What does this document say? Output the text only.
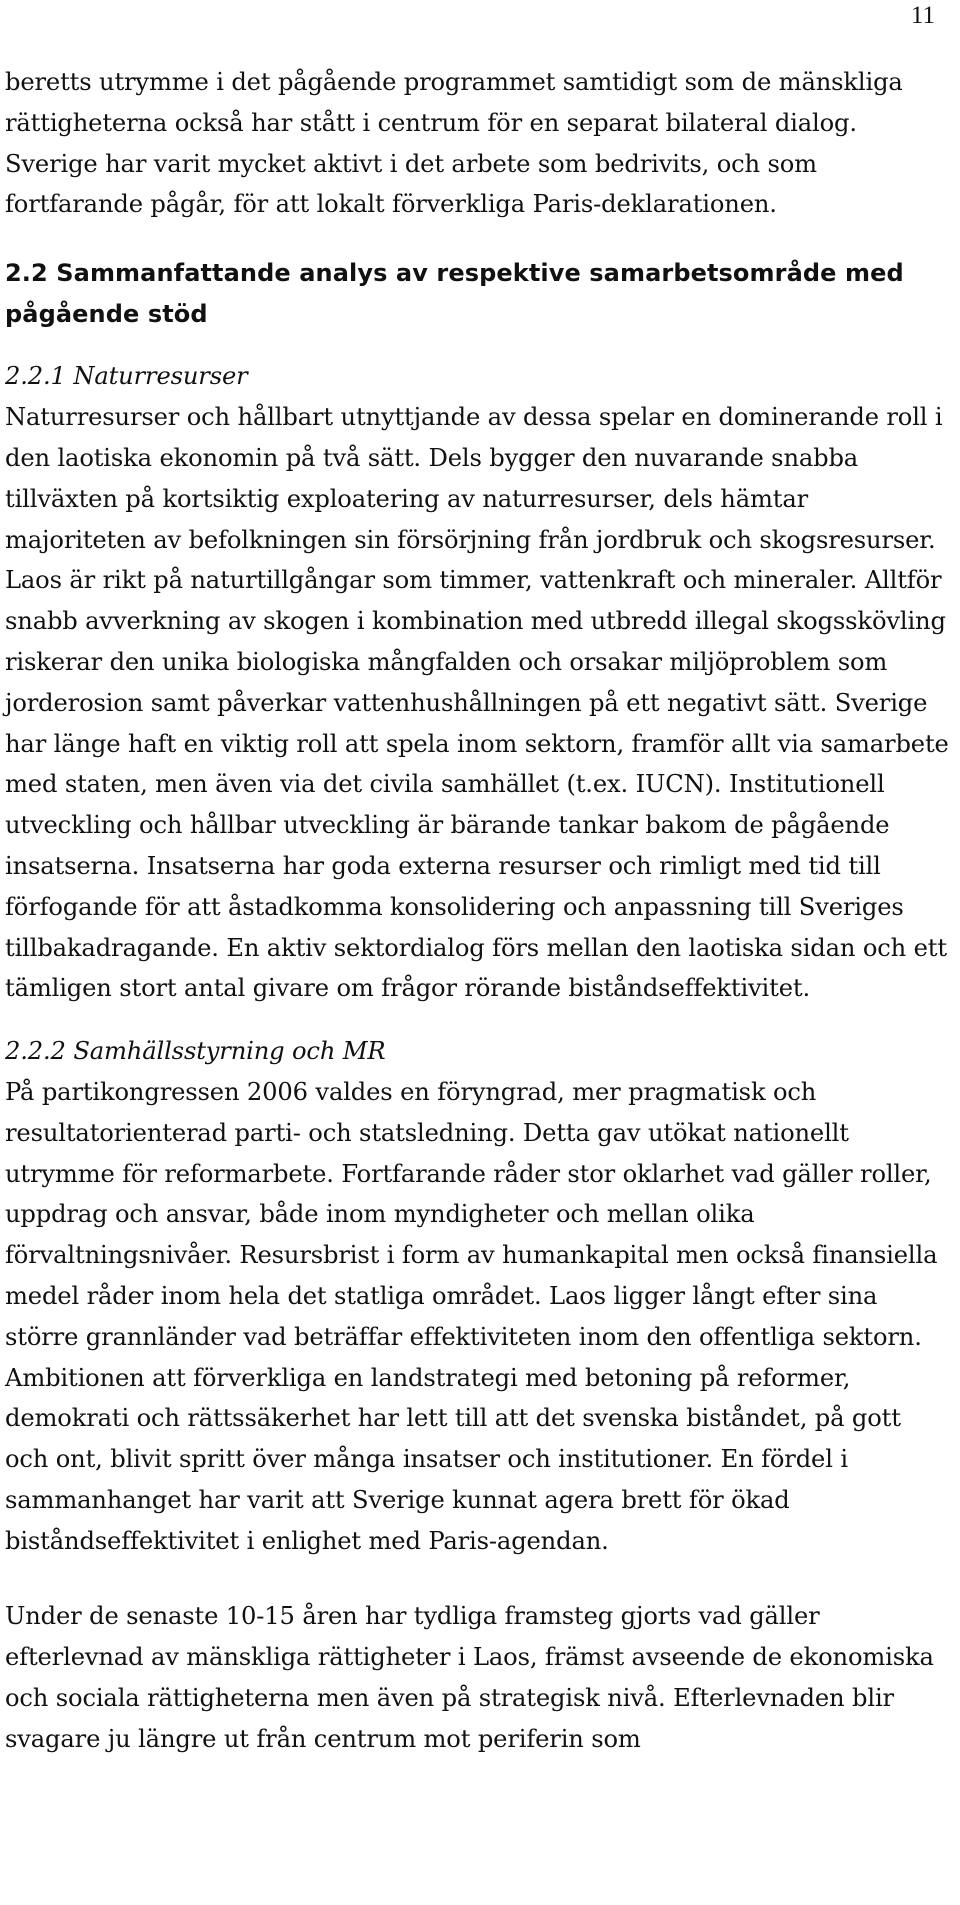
11

beretts utrymme i det pågående programmet samtidigt som de mänskliga rättigheterna också har stått i centrum för en separat bilateral dialog. Sverige har varit mycket aktivt i det arbete som bedrivits, och som fortfarande pågår, för att lokalt förverkliga Paris-deklarationen.

2.2 Sammanfattande analys av respektive samarbetsområde med pågående stöd
2.2.1 Naturresurser

Naturresurser och hållbart utnyttjande av dessa spelar en dominerande roll i den laotiska ekonomin på två sätt. Dels bygger den nuvarande snabba tillväxten på kortsiktig exploatering av naturresurser, dels hämtar majoriteten av befolkningen sin försörjning från jordbruk och skogsresurser. Laos är rikt på naturtillgångar som timmer, vattenkraft och mineraler. Alltför snabb avverkning av skogen i kombination med utbredd illegal skogsskövling riskerar den unika biologiska mångfalden och orsakar miljöproblem som jorderosion samt påverkar vattenhushållningen på ett negativt sätt. Sverige har länge haft en viktig roll att spela inom sektorn, framför allt via samarbete med staten, men även via det civila samhället (t.ex. IUCN). Institutionell utveckling och hållbar utveckling är bärande tankar bakom de pågående insatserna. Insatserna har goda externa resurser och rimligt med tid till förfogande för att åstadkomma konsolidering och anpassning till Sveriges tillbakadragande. En aktiv sektordialog förs mellan den laotiska sidan och ett tämligen stort antal givare om frågor rörande biståndseffektivitet.

2.2.2 Samhällsstyrning och MR

På partikongressen 2006 valdes en föryngrad, mer pragmatisk och resultatorienterad parti- och statsledning. Detta gav utökat nationellt utrymme för reformarbete. Fortfarande råder stor oklarhet vad gäller roller, uppdrag och ansvar, både inom myndigheter och mellan olika förvaltningsnivåer. Resursbrist i form av humankapital men också finansiella medel råder inom hela det statliga området. Laos ligger långt efter sina större grannländer vad beträffar effektiviteten inom den offentliga sektorn. Ambitionen att förverkliga en landstrategi med betoning på reformer, demokrati och rättssäkerhet har lett till att det svenska biståndet, på gott och ont, blivit spritt över många insatser och institutioner. En fördel i sammanhanget har varit att Sverige kunnat agera brett för ökad biståndseffektivitet i enlighet med Paris-agendan.

Under de senaste 10-15 åren har tydliga framsteg gjorts vad gäller efterlevnad av mänskliga rättigheter i Laos, främst avseende de ekonomiska och sociala rättigheterna men även på strategisk nivå. Efterlevnaden blir svagare ju längre ut från centrum mot periferin som
